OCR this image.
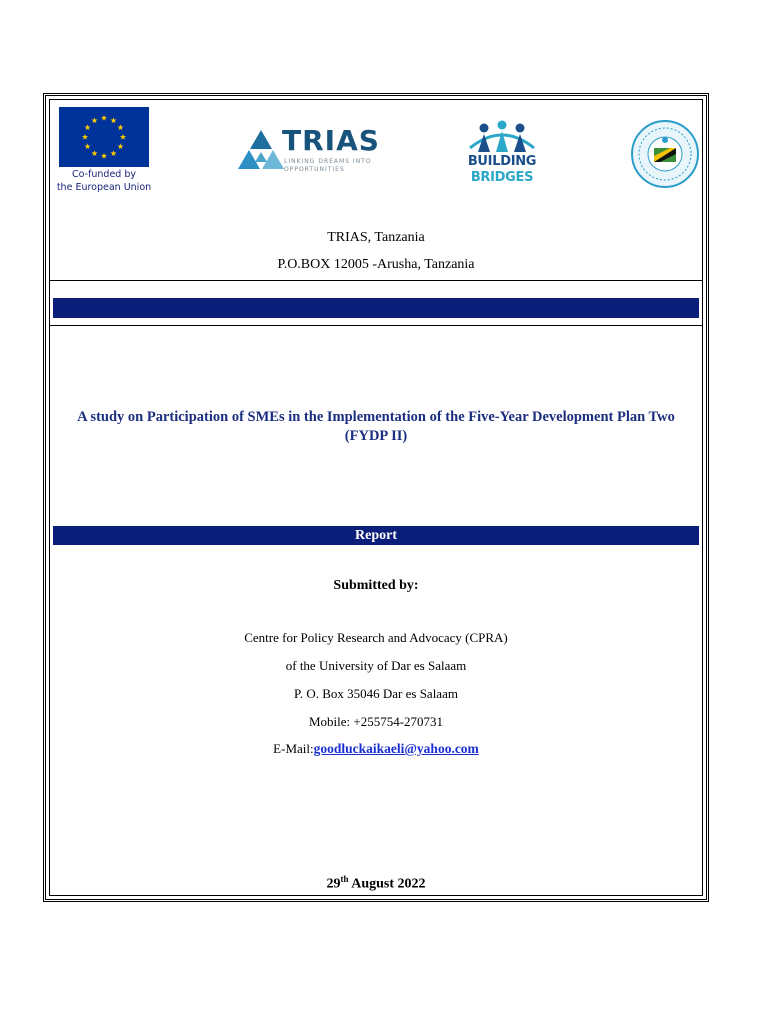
Co-funded by
the European Union
TRIAS
LINKING DREAMS INTO
OPPORTUNITIES
BUILDING
BRIDGES
TRIAS, Tanzania
P.O.BOX 12005 -Arusha, Tanzania
A study on Participation of SMEs in the Implementation of the Five-Year Development Plan Two
(FYDP II)
Report
Submitted by:
Centre for Policy Research and Advocacy (CPRA)
of the University of Dar es Salaam
P. O. Box 35046 Dar es Salaam
Mobile: +255754-270731
E-Mail:goodluckaikaeli@yahoo.com
29th August 2022
